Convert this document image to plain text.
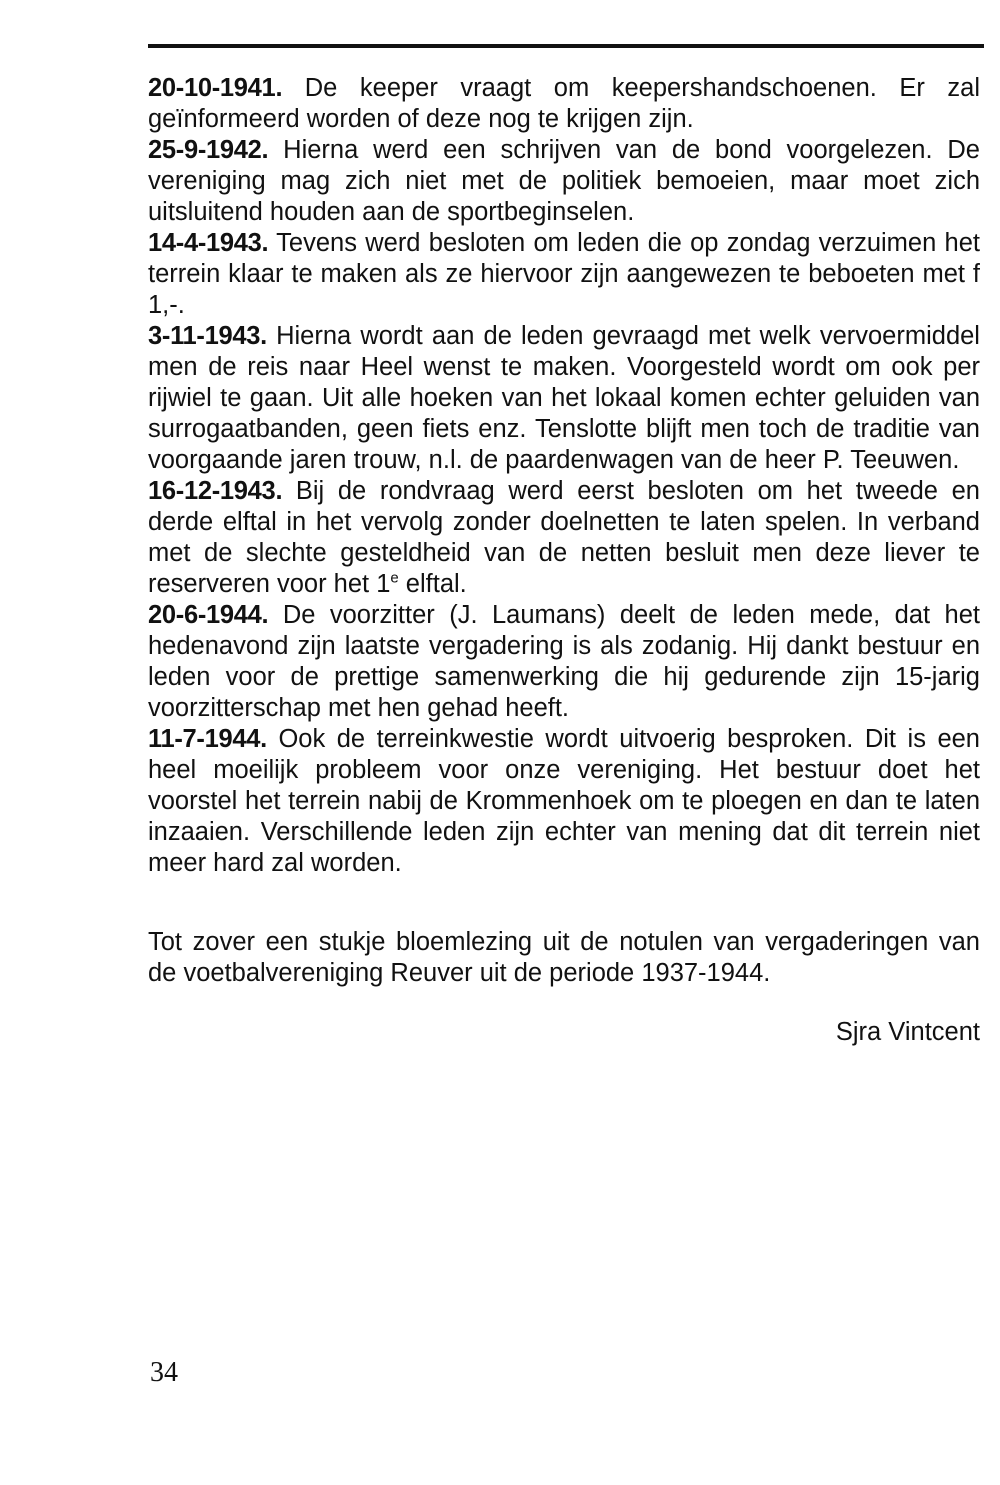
20-10-1941. De keeper vraagt om keepershandschoenen. Er zal geïnformeerd worden of deze nog te krijgen zijn.

25-9-1942. Hierna werd een schrijven van de bond voorgelezen. De vereniging mag zich niet met de politiek bemoeien, maar moet zich uitsluitend houden aan de sportbeginselen.

14-4-1943. Tevens werd besloten om leden die op zondag verzuimen het terrein klaar te maken als ze hiervoor zijn aangewezen te beboeten met f 1,-.

3-11-1943. Hierna wordt aan de leden gevraagd met welk vervoermiddel men de reis naar Heel wenst te maken. Voorgesteld wordt om ook per rijwiel te gaan. Uit alle hoeken van het lokaal komen echter geluiden van surrogaatbanden, geen fiets enz. Tenslotte blijft men toch de traditie van voorgaande jaren trouw, n.l. de paardenwagen van de heer P. Teeuwen.

16-12-1943. Bij de rondvraag werd eerst besloten om het tweede en derde elftal in het vervolg zonder doelnetten te laten spelen. In verband met de slechte gesteldheid van de netten besluit men deze liever te reserveren voor het 1e elftal.

20-6-1944. De voorzitter (J. Laumans) deelt de leden mede, dat het hedenavond zijn laatste vergadering is als zodanig. Hij dankt bestuur en leden voor de prettige samenwerking die hij gedurende zijn 15-jarig voorzitterschap met hen gehad heeft.

11-7-1944. Ook de terreinkwestie wordt uitvoerig besproken. Dit is een heel moeilijk probleem voor onze vereniging. Het bestuur doet het voorstel het terrein nabij de Krommenhoek om te ploegen en dan te laten inzaaien. Verschillende leden zijn echter van mening dat dit terrein niet meer hard zal worden.

Tot zover een stukje bloemlezing uit de notulen van vergaderingen van de voetbalvereniging Reuver uit de periode 1937-1944.

Sjra Vintcent

34
